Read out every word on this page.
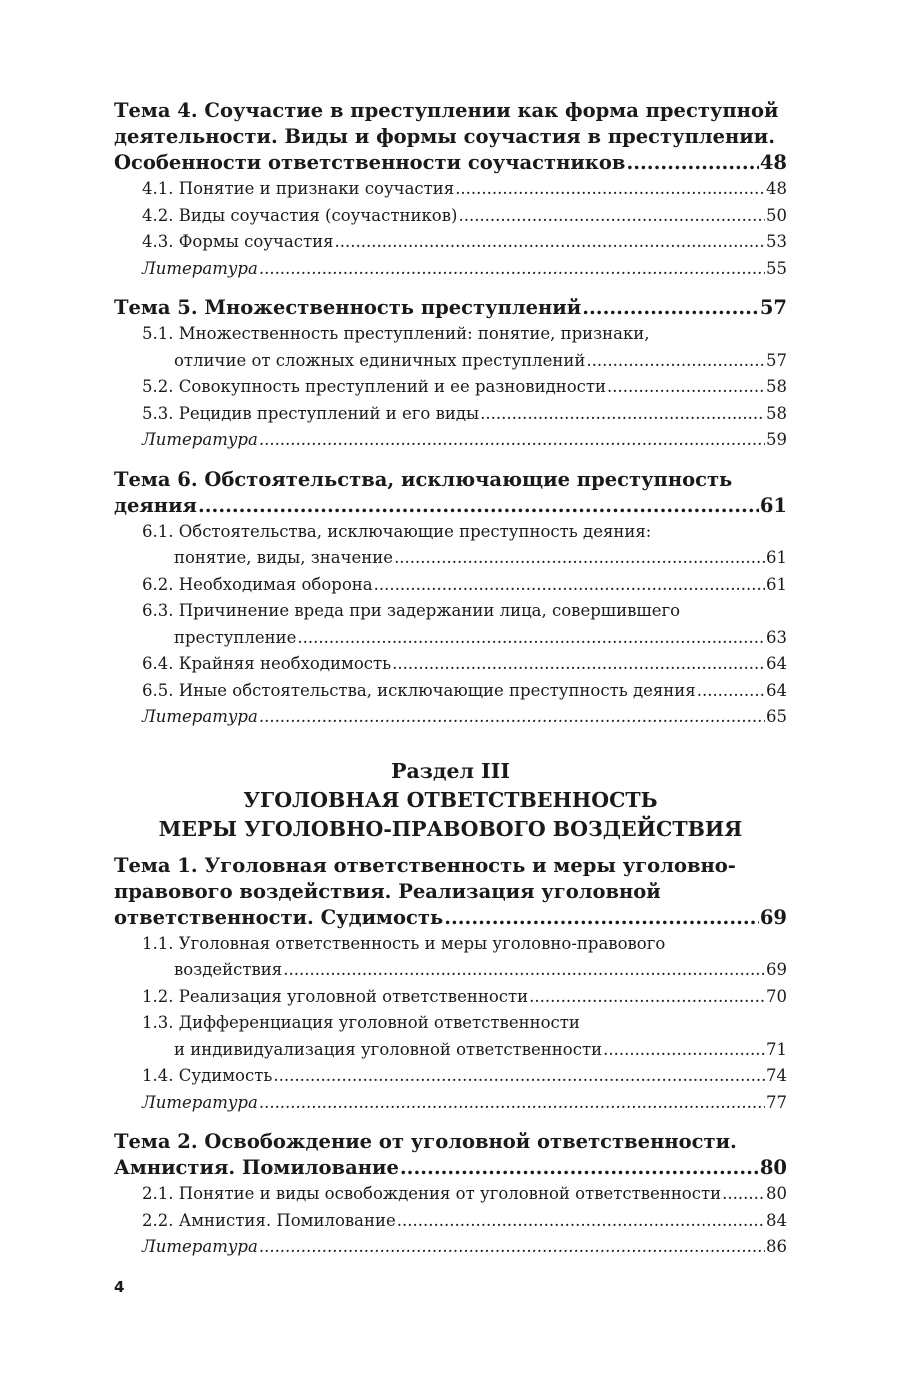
Тема 4. Соучастие в преступлении как форма преступной
деятельности. Виды и формы соучастия в преступлении.
Особенности ответственности соучастников .....	48
4.1. Понятие и признаки соучастия .....	48
4.2. Виды соучастия (соучастников) .....	50
4.3. Формы соучастия .....	53
Литература .....	55
Тема 5. Множественность преступлений .....	57
5.1. Множественность преступлений: понятие, признаки,
отличие от сложных единичных преступлений .....	57
5.2. Совокупность преступлений и ее разновидности .....	58
5.3. Рецидив преступлений и его виды .....	58
Литература .....	59
Тема 6. Обстоятельства, исключающие преступность
деяния .....	61
6.1. Обстоятельства, исключающие преступность деяния:
понятие, виды, значение .....	61
6.2. Необходимая оборона .....	61
6.3. Причинение вреда при задержании лица, совершившего
преступление .....	63
6.4. Крайняя необходимость .....	64
6.5. Иные обстоятельства, исключающие преступность деяния .....	64
Литература .....	65
Раздел III
УГОЛОВНАЯ ОТВЕТСТВЕННОСТЬ
МЕРЫ УГОЛОВНО-ПРАВОВОГО ВОЗДЕЙСТВИЯ
Тема 1. Уголовная ответственность и меры уголовно-
правового воздействия. Реализация уголовной
ответственности. Судимость .....	69
1.1. Уголовная ответственность и меры уголовно-правового
воздействия .....	69
1.2. Реализация уголовной ответственности .....	70
1.3. Дифференциация уголовной ответственности
и индивидуализация уголовной ответственности .....	71
1.4. Судимость .....	74
Литература .....	77
Тема 2. Освобождение от уголовной ответственности.
Амнистия. Помилование .....	80
2.1. Понятие и виды освобождения от уголовной ответственности .....	80
2.2. Амнистия. Помилование .....	84
Литература .....	86
4
